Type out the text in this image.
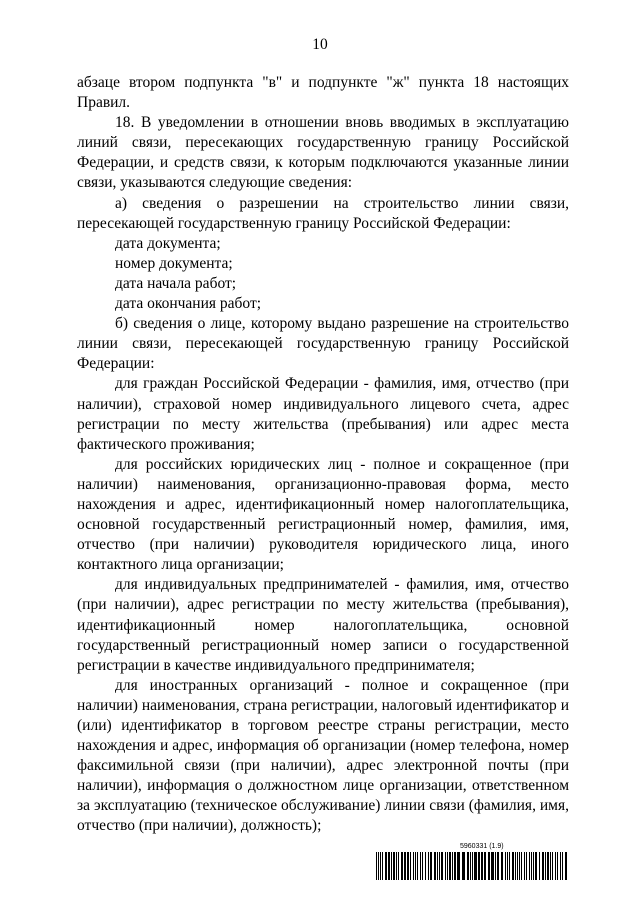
10

абзаце втором подпункта "в" и подпункте "ж" пункта 18 настоящих Правил.

18. В уведомлении в отношении вновь вводимых в эксплуатацию линий связи, пересекающих государственную границу Российской Федерации, и средств связи, к которым подключаются указанные линии связи, указываются следующие сведения:

а) сведения о разрешении на строительство линии связи, пересекающей государственную границу Российской Федерации:

дата документа;

номер документа;

дата начала работ;

дата окончания работ;

б) сведения о лице, которому выдано разрешение на строительство линии связи, пересекающей государственную границу Российской Федерации:

для граждан Российской Федерации - фамилия, имя, отчество (при наличии), страховой номер индивидуального лицевого счета, адрес регистрации по месту жительства (пребывания) или адрес места фактического проживания;

для российских юридических лиц - полное и сокращенное (при наличии) наименования, организационно-правовая форма, место нахождения и адрес, идентификационный номер налогоплательщика, основной государственный регистрационный номер, фамилия, имя, отчество (при наличии) руководителя юридического лица, иного контактного лица организации;

для индивидуальных предпринимателей - фамилия, имя, отчество (при наличии), адрес регистрации по месту жительства (пребывания), идентификационный номер налогоплательщика, основной государственный регистрационный номер записи о государственной регистрации в качестве индивидуального предпринимателя;

для иностранных организаций - полное и сокращенное (при наличии) наименования, страна регистрации, налоговый идентификатор и (или) идентификатор в торговом реестре страны регистрации, место нахождения и адрес, информация об организации (номер телефона, номер факсимильной связи (при наличии), адрес электронной почты (при наличии), информация о должностном лице организации, ответственном за эксплуатацию (техническое обслуживание) линии связи (фамилия, имя, отчество (при наличии), должность);

5960331 (1.9)
